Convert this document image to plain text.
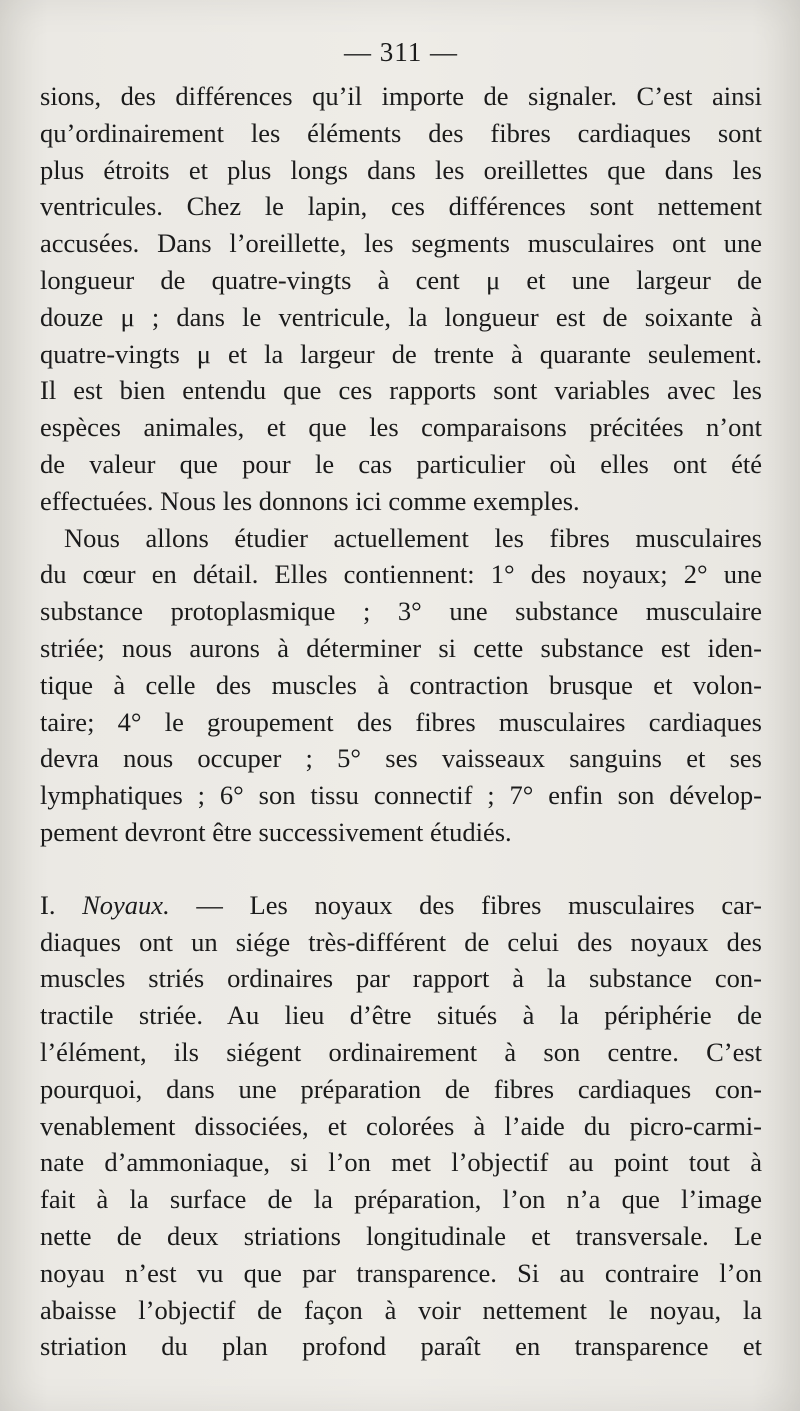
— 311 —

sions, des différences qu’il importe de signaler. C’est ainsi
qu’ordinairement les éléments des fibres cardiaques sont
plus étroits et plus longs dans les oreillettes que dans les
ventricules. Chez le lapin, ces différences sont nettement
accusées. Dans l’oreillette, les segments musculaires ont une
longueur de quatre-vingts à cent μ et une largeur de
douze μ ; dans le ventricule, la longueur est de soixante à
quatre-vingts μ et la largeur de trente à quarante seulement.
Il est bien entendu que ces rapports sont variables avec les
espèces animales, et que les comparaisons précitées n’ont
de valeur que pour le cas particulier où elles ont été
effectuées. Nous les donnons ici comme exemples.

Nous allons étudier actuellement les fibres musculaires
du cœur en détail. Elles contiennent: 1° des noyaux; 2° une
substance protoplasmique ; 3° une substance musculaire
striée; nous aurons à déterminer si cette substance est iden-
tique à celle des muscles à contraction brusque et volon-
taire; 4° le groupement des fibres musculaires cardiaques
devra nous occuper ; 5° ses vaisseaux sanguins et ses
lymphatiques ; 6° son tissu connectif ; 7° enfin son dévelop-
pement devront être successivement étudiés.

I. Noyaux. — Les noyaux des fibres musculaires car-
diaques ont un siége très-différent de celui des noyaux des
muscles striés ordinaires par rapport à la substance con-
tractile striée. Au lieu d’être situés à la périphérie de
l’élément, ils siégent ordinairement à son centre. C’est
pourquoi, dans une préparation de fibres cardiaques con-
venablement dissociées, et colorées à l’aide du picro-carmi-
nate d’ammoniaque, si l’on met l’objectif au point tout à
fait à la surface de la préparation, l’on n’a que l’image
nette de deux striations longitudinale et transversale. Le
noyau n’est vu que par transparence. Si au contraire l’on
abaisse l’objectif de façon à voir nettement le noyau, la
striation du plan profond paraît en transparence et
